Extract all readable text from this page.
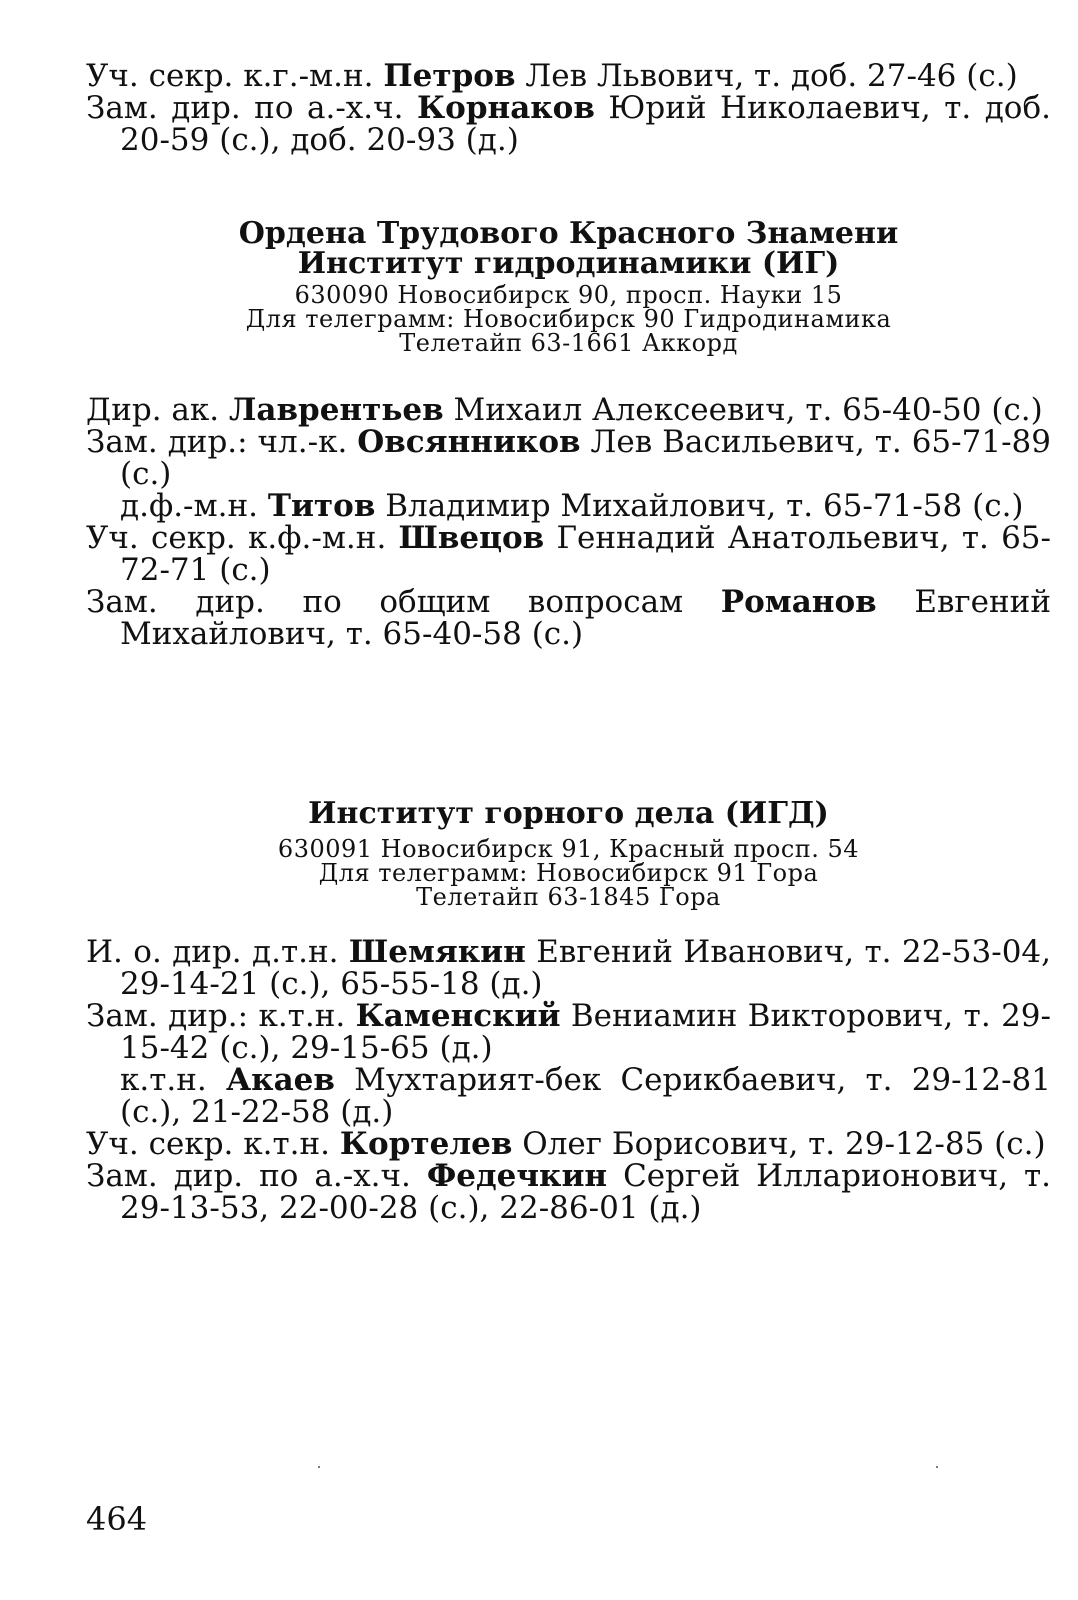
Уч. секр. к.г.-м.н. Петров Лев Львович, т. доб. 27-46 (с.)

Зам. дир. по а.-х.ч. Корнаков Юрий Николаевич, т. доб. 20-59 (с.), доб. 20-93 (д.)

Ордена Трудового Красного Знамени

Институт гидродинамики (ИГ)

630090 Новосибирск 90, просп. Науки 15

Для телеграмм: Новосибирск 90 Гидродинамика

Телетайп 63-1661 Аккорд

Дир. ак. Лаврентьев Михаил Алексеевич, т. 65-40-50 (с.)

Зам. дир.: чл.-к. Овсянников Лев Васильевич, т. 65-71-89 (с.)

д.ф.-м.н. Титов Владимир Михайлович, т. 65-71-58 (с.)

Уч. секр. к.ф.-м.н. Швецов Геннадий Анатольевич, т. 65-72-71 (с.)

Зам. дир. по общим вопросам Романов Евгений Михайлович, т. 65-40-58 (с.)

Институт горного дела (ИГД)

630091 Новосибирск 91, Красный просп. 54

Для телеграмм: Новосибирск 91 Гора

Телетайп 63-1845 Гора

И. о. дир. д.т.н. Шемякин Евгений Иванович, т. 22-53-04, 29-14-21 (с.), 65-55-18 (д.)

Зам. дир.: к.т.н. Каменский Вениамин Викторович, т. 29-15-42 (с.), 29-15-65 (д.)

к.т.н. Акаев Мухтарият-бек Серикбаевич, т. 29-12-81 (с.), 21-22-58 (д.)

Уч. секр. к.т.н. Кортелев Олег Борисович, т. 29-12-85 (с.)

Зам. дир. по а.-х.ч. Федечкин Сергей Илларионович, т. 29-13-53, 22-00-28 (с.), 22-86-01 (д.)

464
